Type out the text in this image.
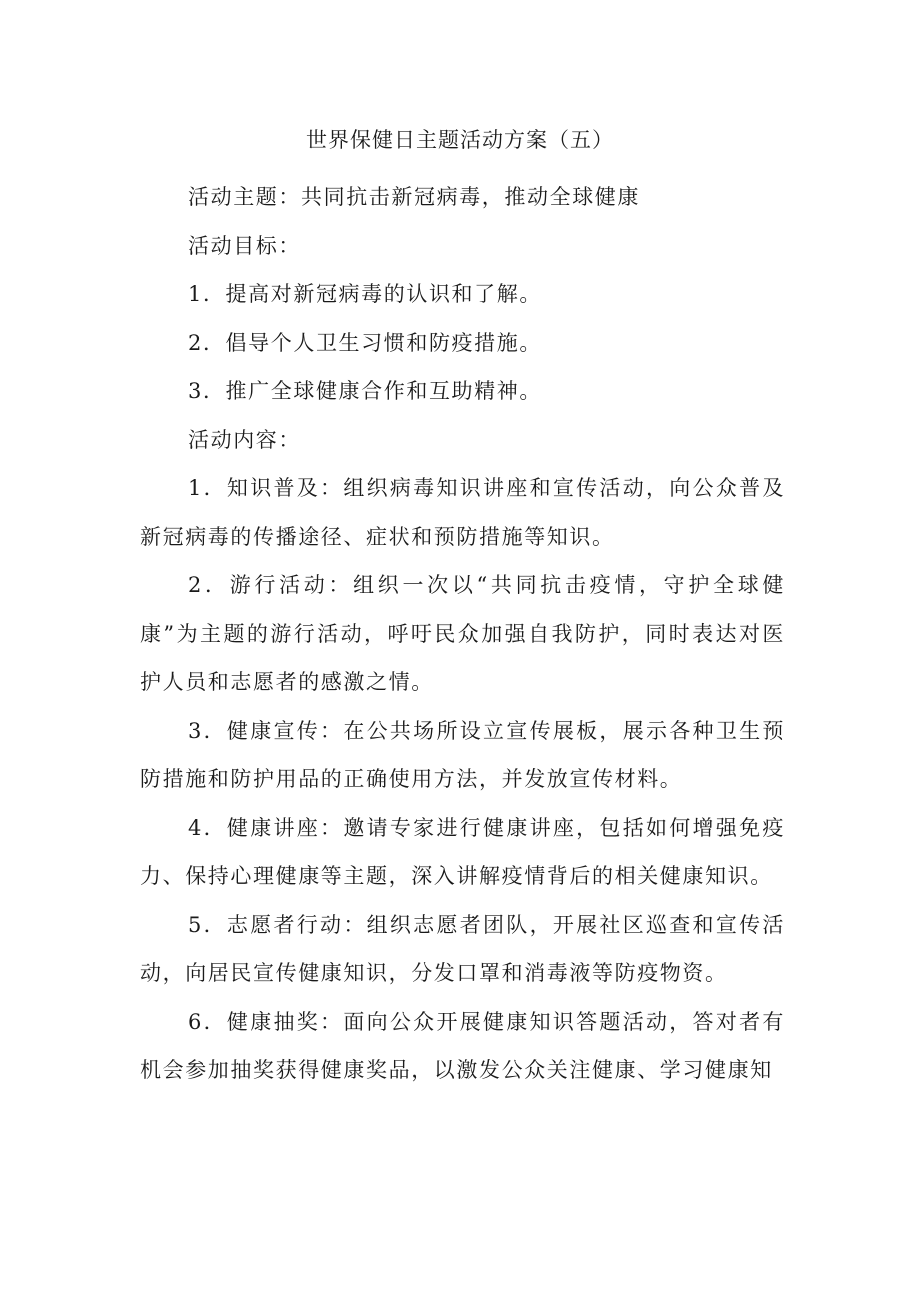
世界保健日主题活动方案（五）

活动主题：共同抗击新冠病毒，推动全球健康

活动目标：

1．提高对新冠病毒的认识和了解。

2．倡导个人卫生习惯和防疫措施。

3．推广全球健康合作和互助精神。

活动内容：

1．知识普及：组织病毒知识讲座和宣传活动，向公众普及新冠病毒的传播途径、症状和预防措施等知识。

2．游行活动：组织一次以“共同抗击疫情，守护全球健康”为主题的游行活动，呼吁民众加强自我防护，同时表达对医护人员和志愿者的感激之情。

3．健康宣传：在公共场所设立宣传展板，展示各种卫生预防措施和防护用品的正确使用方法，并发放宣传材料。

4．健康讲座：邀请专家进行健康讲座，包括如何增强免疫力、保持心理健康等主题，深入讲解疫情背后的相关健康知识。

5．志愿者行动：组织志愿者团队，开展社区巡查和宣传活动，向居民宣传健康知识，分发口罩和消毒液等防疫物资。

6．健康抽奖：面向公众开展健康知识答题活动，答对者有机会参加抽奖获得健康奖品，以激发公众关注健康、学习健康知
